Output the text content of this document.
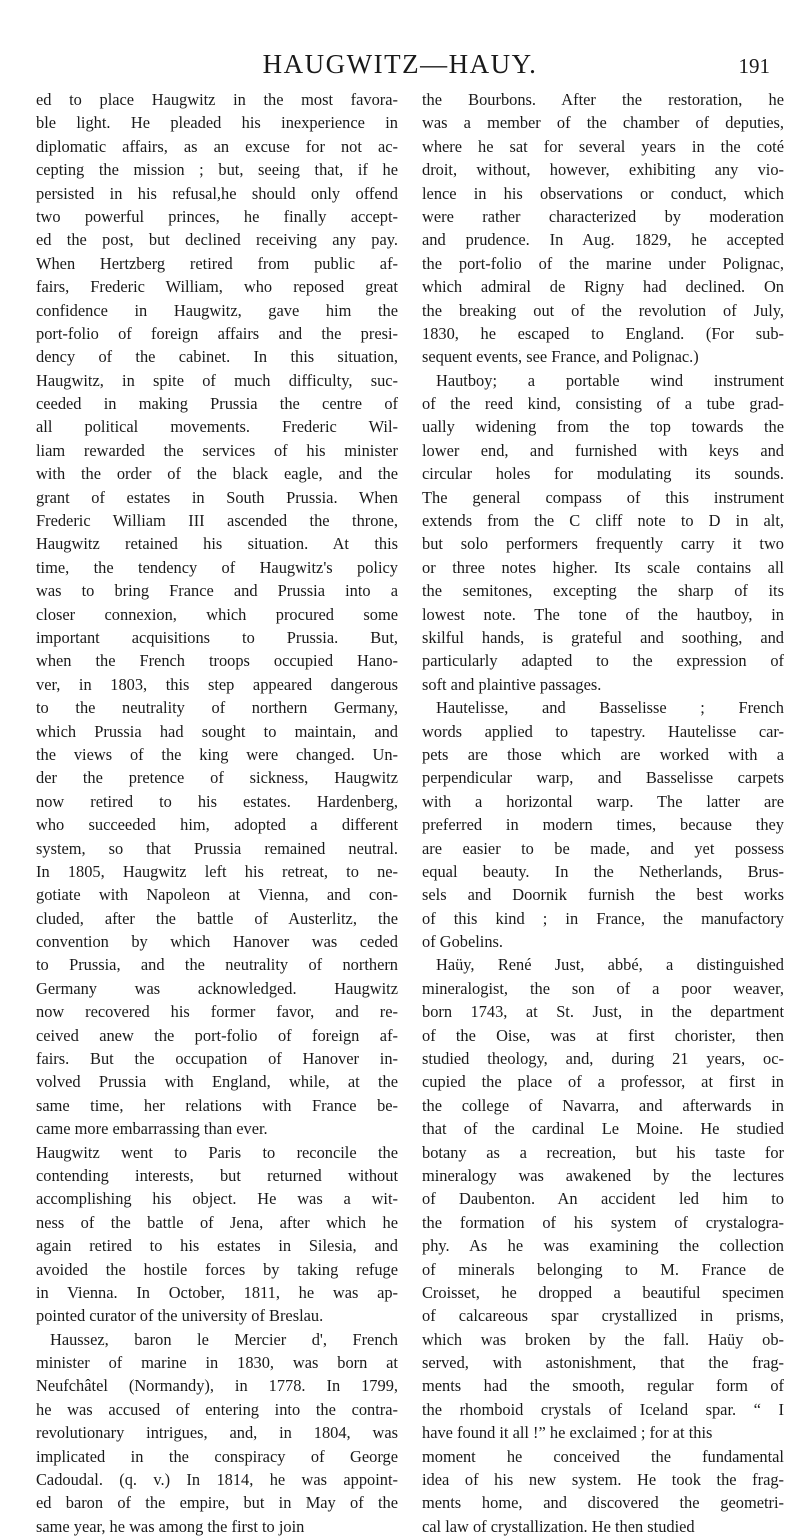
HAUGWITZ—HAUY.	191
ed to place Haugwitz in the most favora-
ble light. He pleaded his inexperience in
diplomatic affairs, as an excuse for not ac-
cepting the mission ; but, seeing that, if he
persisted in his refusal,he should only offend
two powerful princes, he finally accept-
ed the post, but declined receiving any pay.
When Hertzberg retired from public af-
fairs, Frederic William, who reposed great
confidence in Haugwitz, gave him the
port-folio of foreign affairs and the presi-
dency of the cabinet. In this situation,
Haugwitz, in spite of much difficulty, suc-
ceeded in making Prussia the centre of
all political movements. Frederic Wil-
liam rewarded the services of his minister
with the order of the black eagle, and the
grant of estates in South Prussia. When
Frederic William III ascended the throne,
Haugwitz retained his situation. At this
time, the tendency of Haugwitz's policy
was to bring France and Prussia into a
closer connexion, which procured some
important acquisitions to Prussia. But,
when the French troops occupied Hano-
ver, in 1803, this step appeared dangerous
to the neutrality of northern Germany,
which Prussia had sought to maintain, and
the views of the king were changed. Un-
der the pretence of sickness, Haugwitz
now retired to his estates. Hardenberg,
who succeeded him, adopted a different
system, so that Prussia remained neutral.
In 1805, Haugwitz left his retreat, to ne-
gotiate with Napoleon at Vienna, and con-
cluded, after the battle of Austerlitz, the
convention by which Hanover was ceded
to Prussia, and the neutrality of northern
Germany was acknowledged. Haugwitz
now recovered his former favor, and re-
ceived anew the port-folio of foreign af-
fairs. But the occupation of Hanover in-
volved Prussia with England, while, at the
same time, her relations with France be-
came more embarrassing than ever.
Haugwitz went to Paris to reconcile the
contending interests, but returned without
accomplishing his object. He was a wit-
ness of the battle of Jena, after which he
again retired to his estates in Silesia, and
avoided the hostile forces by taking refuge
in Vienna. In October, 1811, he was ap-
pointed curator of the university of Breslau.
Haussez, baron le Mercier d', French
minister of marine in 1830, was born at
Neufchâtel (Normandy), in 1778. In 1799,
he was accused of entering into the contra-
revolutionary intrigues, and, in 1804, was
implicated in the conspiracy of George
Cadoudal. (q. v.) In 1814, he was appoint-
ed baron of the empire, but in May of the
same year, he was among the first to join
the Bourbons. After the restoration, he
was a member of the chamber of deputies,
where he sat for several years in the coté
droit, without, however, exhibiting any vio-
lence in his observations or conduct, which
were rather characterized by moderation
and prudence. In Aug. 1829, he accepted
the port-folio of the marine under Polignac,
which admiral de Rigny had declined. On
the breaking out of the revolution of July,
1830, he escaped to England. (For sub-
sequent events, see France, and Polignac.)
Hautboy; a portable wind instrument
of the reed kind, consisting of a tube grad-
ually widening from the top towards the
lower end, and furnished with keys and
circular holes for modulating its sounds.
The general compass of this instrument
extends from the C cliff note to D in alt,
but solo performers frequently carry it two
or three notes higher. Its scale contains all
the semitones, excepting the sharp of its
lowest note. The tone of the hautboy, in
skilful hands, is grateful and soothing, and
particularly adapted to the expression of
soft and plaintive passages.
Hautelisse, and Basselisse ; French
words applied to tapestry. Hautelisse car-
pets are those which are worked with a
perpendicular warp, and Basselisse carpets
with a horizontal warp. The latter are
preferred in modern times, because they
are easier to be made, and yet possess
equal beauty. In the Netherlands, Brus-
sels and Doornik furnish the best works
of this kind ; in France, the manufactory
of Gobelins.
Haüy, René Just, abbé, a distinguished
mineralogist, the son of a poor weaver,
born 1743, at St. Just, in the department
of the Oise, was at first chorister, then
studied theology, and, during 21 years, oc-
cupied the place of a professor, at first in
the college of Navarra, and afterwards in
that of the cardinal Le Moine. He studied
botany as a recreation, but his taste for
mineralogy was awakened by the lectures
of Daubenton. An accident led him to
the formation of his system of crystalogra-
phy. As he was examining the collection
of minerals belonging to M. France de
Croisset, he dropped a beautiful specimen
of calcareous spar crystallized in prisms,
which was broken by the fall. Haüy ob-
served, with astonishment, that the frag-
ments had the smooth, regular form of
the rhomboid crystals of Iceland spar. “ I
have found it all !” he exclaimed ; for at this
moment he conceived the fundamental
idea of his new system. He took the frag-
ments home, and discovered the geometri-
cal law of crystallization. He then studied
